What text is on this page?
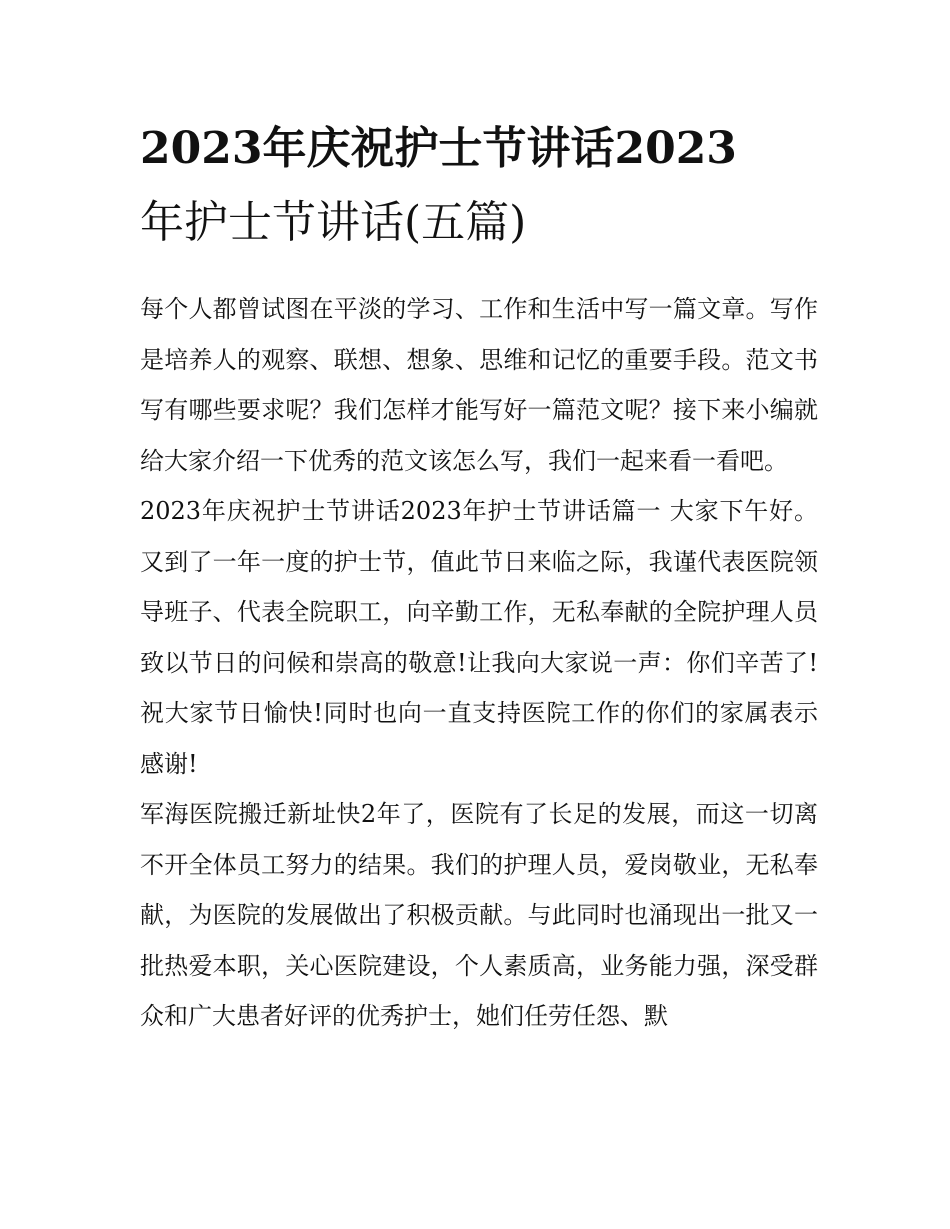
2023年庆祝护士节讲话2023
年护士节讲话(五篇)

每个人都曾试图在平淡的学习、工作和生活中写一篇文章。写作是培养人的观察、联想、想象、思维和记忆的重要手段。范文书写有哪些要求呢？我们怎样才能写好一篇范文呢？接下来小编就给大家介绍一下优秀的范文该怎么写，我们一起来看一看吧。

2023年庆祝护士节讲话2023年护士节讲话篇一 大家下午好。又到了一年一度的护士节，值此节日来临之际，我谨代表医院领导班子、代表全院职工，向辛勤工作，无私奉献的全院护理人员致以节日的问候和崇高的敬意!让我向大家说一声：你们辛苦了!祝大家节日愉快!同时也向一直支持医院工作的你们的家属表示感谢!

军海医院搬迁新址快2年了，医院有了长足的发展，而这一切离不开全体员工努力的结果。我们的护理人员，爱岗敬业，无私奉献，为医院的发展做出了积极贡献。与此同时也涌现出一批又一批热爱本职，关心医院建设，个人素质高，业务能力强，深受群众和广大患者好评的优秀护士，她们任劳任怨、默
